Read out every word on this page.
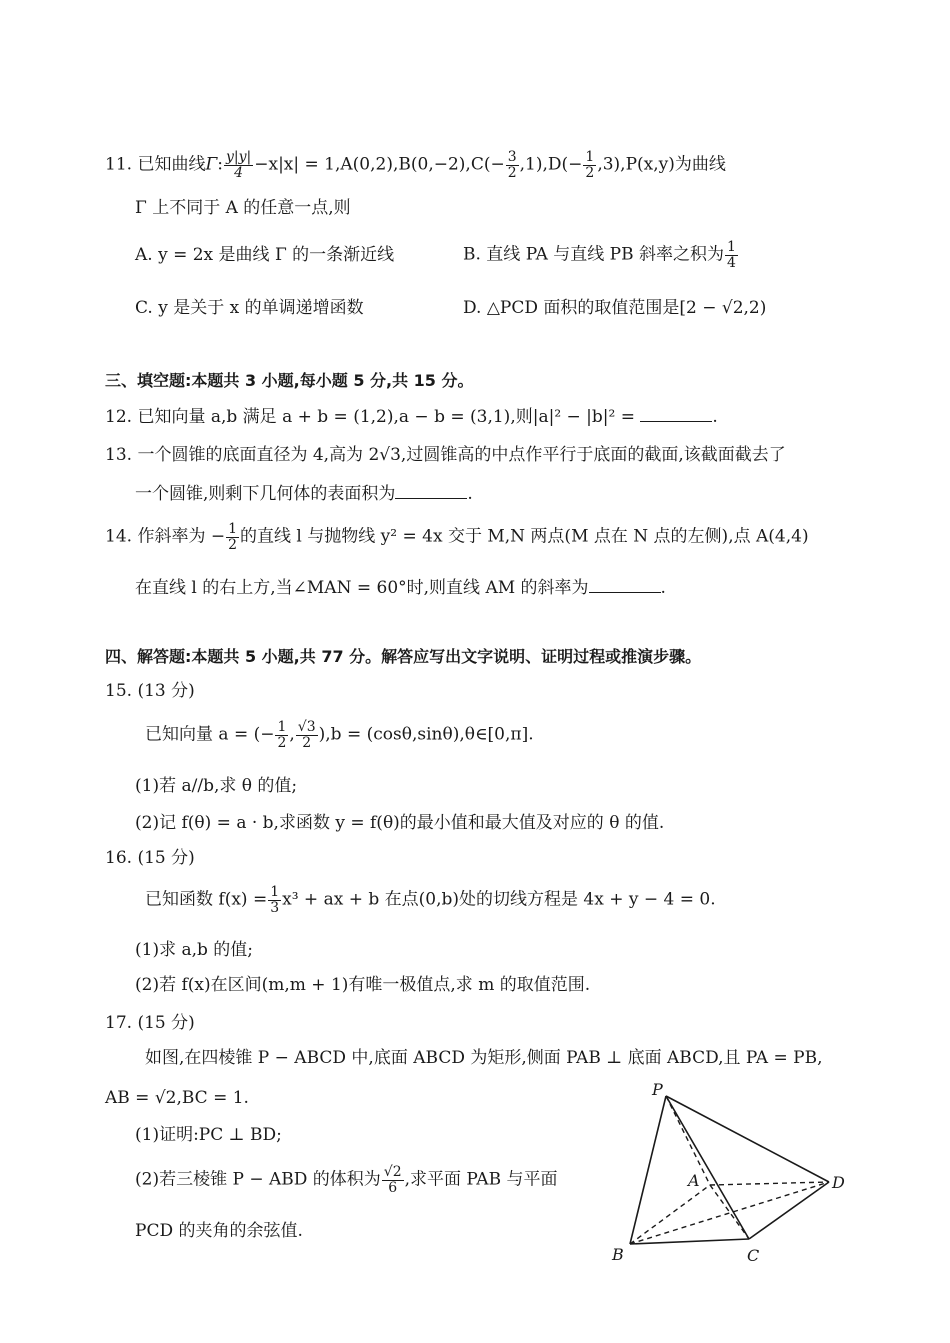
11. 已知曲线Γ: $\frac{y|y|}{4} -x|x| = 1,A(0,2),B(0,-2),C(- \frac{3}{2} ,1),D(- \frac{1}{2} ,3),P(x,y)$为曲线
Γ 上不同于 A 的任意一点,则
A. y = 2x 是曲线 Γ 的一条渐近线	B. 直线 PA 与直线 PB 斜率之积为 $\frac{1}{4}$
C. y 是关于 x 的单调递增函数	D. △PCD 面积的取值范围是[2 − √2,2)
三、填空题:本题共 3 小题,每小题 5 分,共 15 分。
12. 已知向量 a,b 满足 a + b = (1,2),a − b = (3,1),则|a|² − |b|² =	.
13. 一个圆锥的底面直径为 4,高为 2√3,过圆锥高的中点作平行于底面的截面,该截面截去了
一个圆锥,则剩下几何体的表面积为	.
14. 作斜率为 − $\frac{1}{2}$ 的直线 l 与抛物线 y² = 4x 交于 M,N 两点(M 点在 N 点的左侧),点 A(4,4)
在直线 l 的右上方,当∠MAN = 60°时,则直线 AM 的斜率为	.
四、解答题:本题共 5 小题,共 77 分。解答应写出文字说明、证明过程或推演步骤。
15. (13 分)
已知向量 a = (− $\frac{1}{2}$ , $\frac{√3}{2} ),b$ = (cosθ,sinθ),θ∈[0,π].
(1)若 a//b,求 θ 的值;
(2)记 f(θ) = a · b,求函数 y = f(θ)的最小值和最大值及对应的 θ 的值.
16. (15 分)
已知函数 $f(x) = \frac{1}{3} x^3$ + ax + b 在点(0,b)处的切线方程是 4x + y − 4 = 0.
(1)求 a,b 的值;
(2)若 f(x)在区间(m,m + 1)有唯一极值点,求 m 的取值范围.
17. (15 分)
如图,在四棱锥 P − ABCD 中,底面 ABCD 为矩形,侧面 PAB ⊥ 底面 ABCD,且 PA = PB,
AB = √2,BC = 1.
(1)证明:PC ⊥ BD;
(2)若三棱锥 P − ABD 的体积为 $\frac{√2}{6}$ ,求平面 PAB 与平面
PCD 的夹角的余弦值.
P
A
B	C
D
